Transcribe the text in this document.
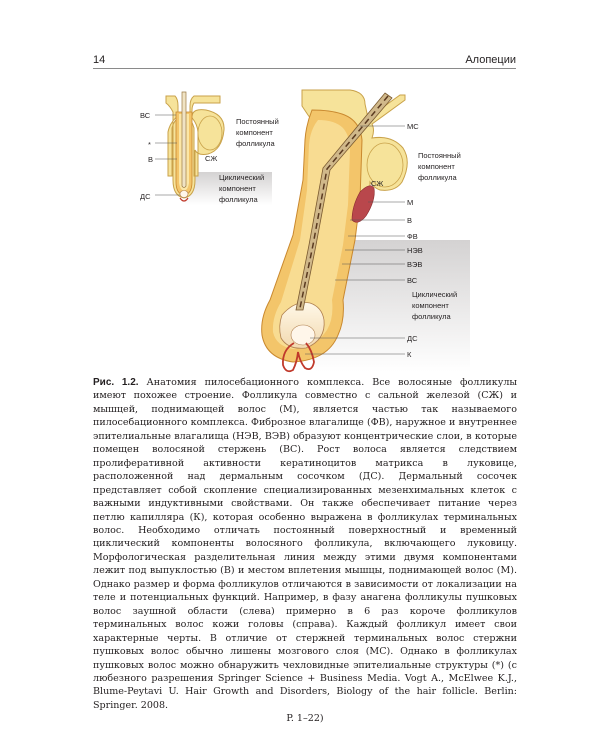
14	Алопеции
ВС
*
В
ДС
СЖ
Постоянный
компонент
фолликула
Циклический
компонент
фолликула
МС
М
В
ФВ
НЭВ
ВЭВ
ВС
ДС
К
СЖ
Постоянный
компонент
фолликула
Циклический
компонент
фолликула
Рис. 1.2. Анатомия пилосебационного комплекса. Все волосяные фолликулы имеют похожее строение. Фолликула совместно с сальной железой (СЖ) и мышцей, поднимающей волос (М), является частью так называемого пилосебационного комплекса. Фиброзное влагалище (ФВ), наружное и внутреннее эпителиальные влагалища (НЭВ, ВЭВ) образуют концентрические слои, в которые помещен волосяной стержень (ВС). Рост волоса является следствием пролиферативной активности кератиноцитов матрикса в луковице, расположенной над дермальным сосочком (ДС). Дермальный сосочек представляет собой скопление специализированных мезенхимальных клеток с важными индуктивными свойствами. Он также обеспечивает питание через петлю капилляра (К), которая особенно выражена в фолликулах терминальных волос. Необходимо отличать постоянный поверхностный и временный циклический компоненты волосяного фолликула, включающего луковицу. Морфологическая разделительная линия между этими двумя компонентами лежит под выпуклостью (В) и местом вплетения мышцы, поднимающей волос (М). Однако размер и форма фолликулов отличаются в зависимости от локализации на теле и потенциальных функций. Например, в фазу анагена фолликулы пушковых волос заушной области (слева) примерно в 6 раз короче фолликулов терминальных волос кожи головы (справа). Каждый фолликул имеет свои характерные черты. В отличие от стержней терминальных волос стержни пушковых волос обычно лишены мозгового слоя (МС). Однако в фолликулах пушковых волос можно обнаружить чехловидные эпителиальные структуры (*) (с любезного разрешения Springer Science + Business Media. Vogt A., McElwee K.J., Blume-Peytavi U. Hair Growth and Disorders, Biology of the hair follicle. Berlin: Springer. 2008.
P. 1–22)
